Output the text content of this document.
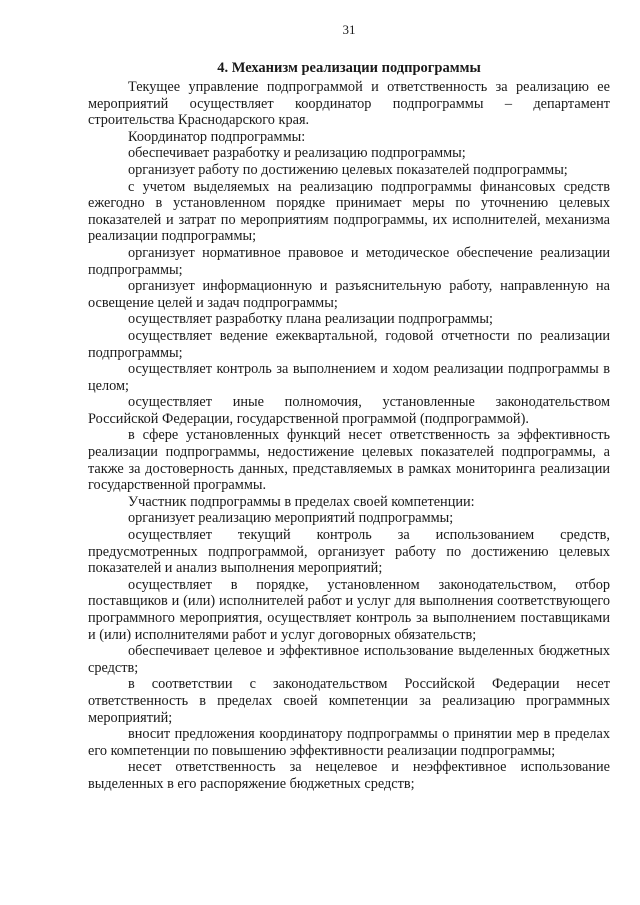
31
4. Механизм реализации подпрограммы

Текущее управление подпрограммой и ответственность за реализацию ее мероприятий осуществляет координатор подпрограммы – департамент строительства Краснодарского края.

Координатор подпрограммы:

обеспечивает разработку и реализацию подпрограммы;

организует работу по достижению целевых показателей подпрограммы;

с учетом выделяемых на реализацию подпрограммы финансовых средств ежегодно в установленном порядке принимает меры по уточнению целевых показателей и затрат по мероприятиям подпрограммы, их исполнителей, механизма реализации подпрограммы;

организует нормативное правовое и методическое обеспечение реализации подпрограммы;

организует информационную и разъяснительную работу, направленную на освещение целей и задач подпрограммы;

осуществляет разработку плана реализации подпрограммы;

осуществляет ведение ежеквартальной, годовой отчетности по реализации подпрограммы;

осуществляет контроль за выполнением и ходом реализации подпрограммы в целом;

осуществляет иные полномочия, установленные законодательством Российской Федерации, государственной программой (подпрограммой).

в сфере установленных функций несет ответственность за эффективность реализации подпрограммы, недостижение целевых показателей подпрограммы, а также за достоверность данных, представляемых в рамках мониторинга реализации государственной программы.

Участник подпрограммы в пределах своей компетенции:

организует реализацию мероприятий подпрограммы;

осуществляет текущий контроль за использованием средств, предусмотренных подпрограммой, организует работу по достижению целевых показателей и анализ выполнения мероприятий;

осуществляет в порядке, установленном законодательством, отбор поставщиков и (или) исполнителей работ и услуг для выполнения соответствующего программного мероприятия, осуществляет контроль за выполнением поставщиками и (или) исполнителями работ и услуг договорных обязательств;

обеспечивает целевое и эффективное использование выделенных бюджетных средств;

в соответствии с законодательством Российской Федерации несет ответственность в пределах своей компетенции за реализацию программных мероприятий;

вносит предложения координатору подпрограммы о принятии мер в пределах его компетенции по повышению эффективности реализации подпрограммы;

несет ответственность за нецелевое и неэффективное использование выделенных в его распоряжение бюджетных средств;
